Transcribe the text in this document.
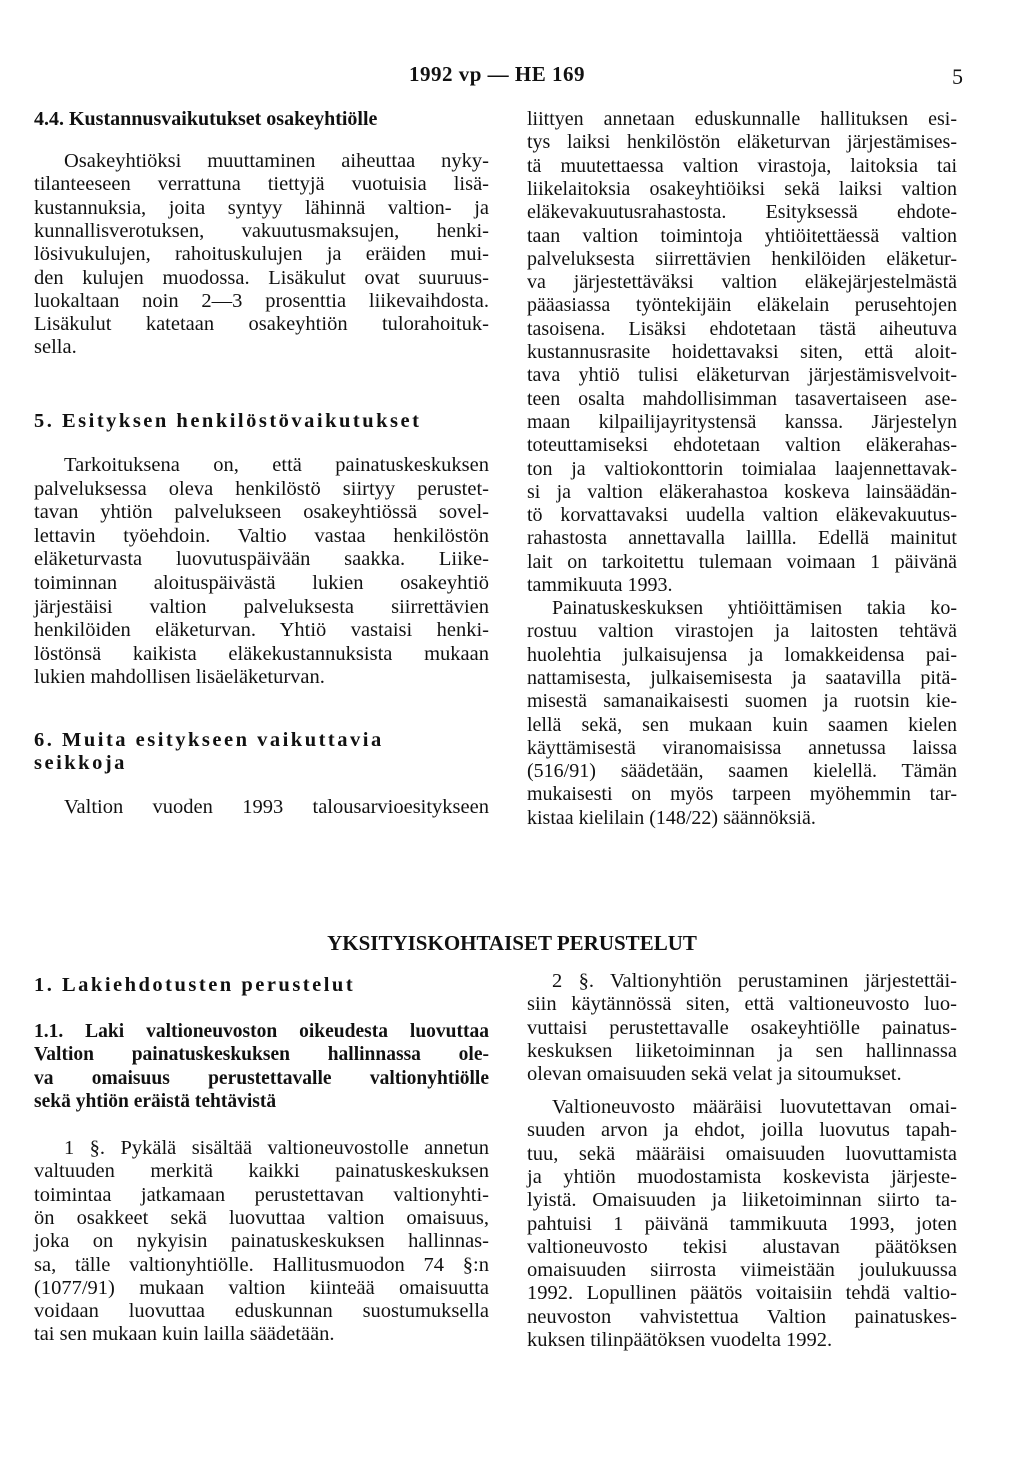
1992 vp — HE 169	5
4.4. Kustannusvaikutukset osakeyhtiölle
Osakeyhtiöksi muuttaminen aiheuttaa nyky-
tilanteeseen verrattuna tiettyjä vuotuisia lisä-
kustannuksia, joita syntyy lähinnä valtion- ja
kunnallisverotuksen, vakuutusmaksujen, henki-
lösivukulujen, rahoituskulujen ja eräiden mui-
den kulujen muodossa. Lisäkulut ovat suuruus-
luokaltaan noin 2—3 prosenttia liikevaihdosta.
Lisäkulut katetaan osakeyhtiön tulorahoituk-
sella.
5. Esityksen henkilöstövaikutukset
Tarkoituksena on, että painatuskeskuksen
palveluksessa oleva henkilöstö siirtyy perustet-
tavan yhtiön palvelukseen osakeyhtiössä sovel-
lettavin työehdoin. Valtio vastaa henkilöstön
eläketurvasta luovutuspäivään saakka. Liike-
toiminnan aloituspäivästä lukien osakeyhtiö
järjestäisi valtion palveluksesta siirrettävien
henkilöiden eläketurvan. Yhtiö vastaisi henki-
löstönsä kaikista eläkekustannuksista mukaan
lukien mahdollisen lisäeläketurvan.
6. Muita esitykseen vaikuttavia
seikkoja
Valtion vuoden 1993 talousarvioesitykseen
liittyen annetaan eduskunnalle hallituksen esi-
tys laiksi henkilöstön eläketurvan järjestämises-
tä muutettaessa valtion virastoja, laitoksia tai
liikelaitoksia osakeyhtiöiksi sekä laiksi valtion
eläkevakuutusrahastosta. Esityksessä ehdote-
taan valtion toimintoja yhtiöitettäessä valtion
palveluksesta siirrettävien henkilöiden eläketur-
va järjestettäväksi valtion eläkejärjestelmästä
pääasiassa työntekijäin eläkelain perusehtojen
tasoisena. Lisäksi ehdotetaan tästä aiheutuva
kustannusrasite hoidettavaksi siten, että aloit-
tava yhtiö tulisi eläketurvan järjestämisvelvoit-
teen osalta mahdollisimman tasavertaiseen ase-
maan kilpailijayritystensä kanssa. Järjestelyn
toteuttamiseksi ehdotetaan valtion eläkerahas-
ton ja valtiokonttorin toimialaa laajennettavak-
si ja valtion eläkerahastoa koskeva lainsäädän-
tö korvattavaksi uudella valtion eläkevakuutus-
rahastosta annettavalla laillla. Edellä mainitut
lait on tarkoitettu tulemaan voimaan 1 päivänä
tammikuuta 1993.
Painatuskeskuksen yhtiöittämisen takia ko-
rostuu valtion virastojen ja laitosten tehtävä
huolehtia julkaisujensa ja lomakkeidensa pai-
nattamisesta, julkaisemisesta ja saatavilla pitä-
misestä samanaikaisesti suomen ja ruotsin kie-
lellä sekä, sen mukaan kuin saamen kielen
käyttämisestä viranomaisissa annetussa laissa
(516/91) säädetään, saamen kielellä. Tämän
mukaisesti on myös tarpeen myöhemmin tar-
kistaa kielilain (148/22) säännöksiä.
YKSITYISKOHTAISET PERUSTELUT
1. Lakiehdotusten perustelut
1.1. Laki valtioneuvoston oikeudesta luovuttaa
Valtion painatuskeskuksen hallinnassa ole-
va omaisuus perustettavalle valtionyhtiölle
sekä yhtiön eräistä tehtävistä
1 §. Pykälä sisältää valtioneuvostolle annetun
valtuuden merkitä kaikki painatuskeskuksen
toimintaa jatkamaan perustettavan valtionyhti-
ön osakkeet sekä luovuttaa valtion omaisuus,
joka on nykyisin painatuskeskuksen hallinnas-
sa, tälle valtionyhtiölle. Hallitusmuodon 74 §:n
(1077/91) mukaan valtion kiinteää omaisuutta
voidaan luovuttaa eduskunnan suostumuksella
tai sen mukaan kuin lailla säädetään.
2 §. Valtionyhtiön perustaminen järjestettäi-
siin käytännössä siten, että valtioneuvosto luo-
vuttaisi perustettavalle osakeyhtiölle painatus-
keskuksen liiketoiminnan ja sen hallinnassa
olevan omaisuuden sekä velat ja sitoumukset.
Valtioneuvosto määräisi luovutettavan omai-
suuden arvon ja ehdot, joilla luovutus tapah-
tuu, sekä määräisi omaisuuden luovuttamista
ja yhtiön muodostamista koskevista järjeste-
lyistä. Omaisuuden ja liiketoiminnan siirto ta-
pahtuisi 1 päivänä tammikuuta 1993, joten
valtioneuvosto tekisi alustavan päätöksen
omaisuuden siirrosta viimeistään joulukuussa
1992. Lopullinen päätös voitaisiin tehdä valtio-
neuvoston vahvistettua Valtion painatuskes-
kuksen tilinpäätöksen vuodelta 1992.
